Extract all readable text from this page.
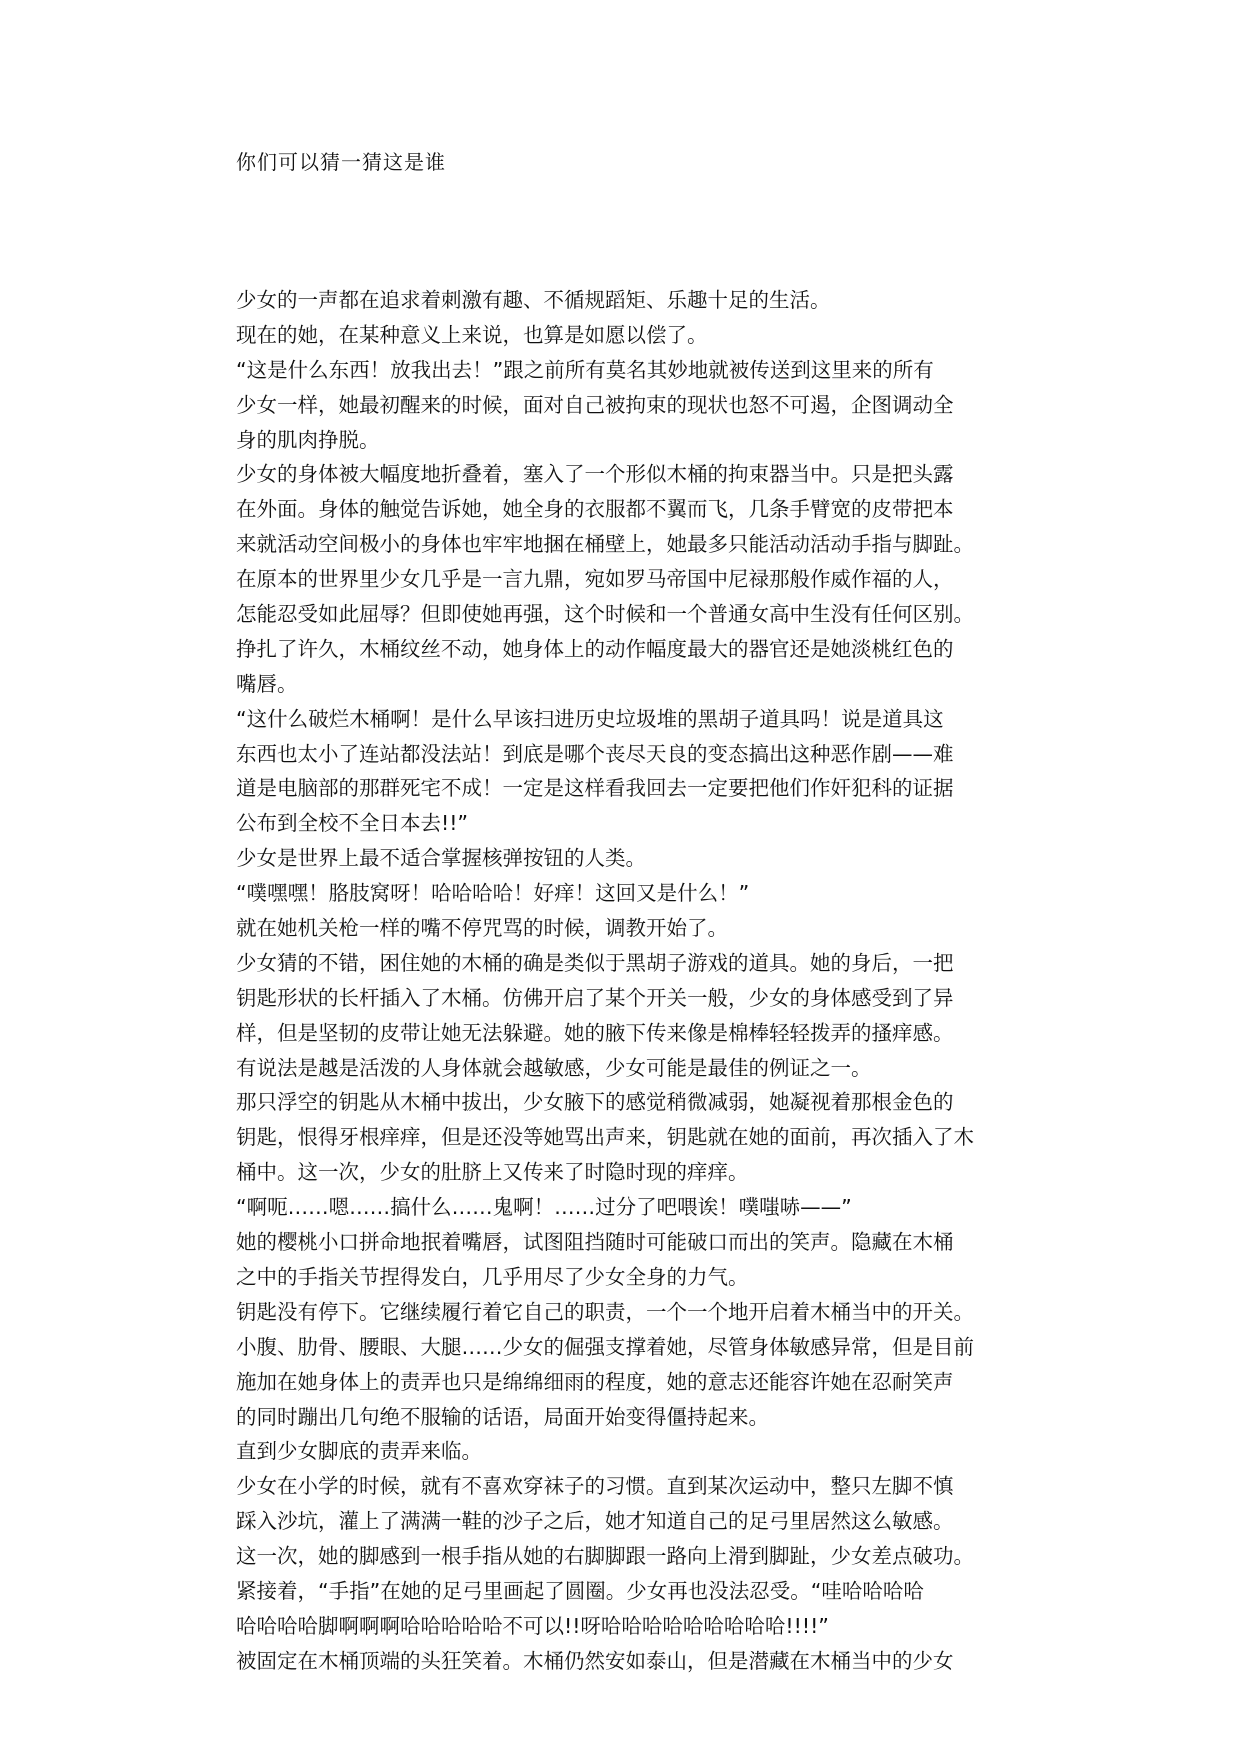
你们可以猜一猜这是谁
少女的一声都在追求着刺激有趣、不循规蹈矩、乐趣十足的生活。
现在的她，在某种意义上来说，也算是如愿以偿了。
“这是什么东西！放我出去！”跟之前所有莫名其妙地就被传送到这里来的所有
少女一样，她最初醒来的时候，面对自己被拘束的现状也怒不可遏，企图调动全
身的肌肉挣脱。
少女的身体被大幅度地折叠着，塞入了一个形似木桶的拘束器当中。只是把头露
在外面。身体的触觉告诉她，她全身的衣服都不翼而飞，几条手臂宽的皮带把本
来就活动空间极小的身体也牢牢地捆在桶壁上，她最多只能活动活动手指与脚趾。
在原本的世界里少女几乎是一言九鼎，宛如罗马帝国中尼禄那般作威作福的人，
怎能忍受如此屈辱？但即使她再强，这个时候和一个普通女高中生没有任何区别。
挣扎了许久，木桶纹丝不动，她身体上的动作幅度最大的器官还是她淡桃红色的
嘴唇。
“这什么破烂木桶啊！是什么早该扫进历史垃圾堆的黑胡子道具吗！说是道具这
东西也太小了连站都没法站！到底是哪个丧尽天良的变态搞出这种恶作剧——难
道是电脑部的那群死宅不成！一定是这样看我回去一定要把他们作奸犯科的证据
公布到全校不全日本去!!”
少女是世界上最不适合掌握核弹按钮的人类。
“噗嘿嘿！胳肢窝呀！哈哈哈哈！好痒！这回又是什么！”
就在她机关枪一样的嘴不停咒骂的时候，调教开始了。
少女猜的不错，困住她的木桶的确是类似于黑胡子游戏的道具。她的身后，一把
钥匙形状的长杆插入了木桶。仿佛开启了某个开关一般，少女的身体感受到了异
样，但是坚韧的皮带让她无法躲避。她的腋下传来像是棉棒轻轻拨弄的搔痒感。
有说法是越是活泼的人身体就会越敏感，少女可能是最佳的例证之一。
那只浮空的钥匙从木桶中拔出，少女腋下的感觉稍微减弱，她凝视着那根金色的
钥匙，恨得牙根痒痒，但是还没等她骂出声来，钥匙就在她的面前，再次插入了木
桶中。这一次，少女的肚脐上又传来了时隐时现的痒痒。
“啊呃……嗯……搞什么……鬼啊！……过分了吧喂诶！噗嗤哧——”
她的樱桃小口拼命地抿着嘴唇，试图阻挡随时可能破口而出的笑声。隐藏在木桶
之中的手指关节捏得发白，几乎用尽了少女全身的力气。
钥匙没有停下。它继续履行着它自己的职责，一个一个地开启着木桶当中的开关。
小腹、肋骨、腰眼、大腿……少女的倔强支撑着她，尽管身体敏感异常，但是目前
施加在她身体上的责弄也只是绵绵细雨的程度，她的意志还能容许她在忍耐笑声
的同时蹦出几句绝不服输的话语，局面开始变得僵持起来。
直到少女脚底的责弄来临。
少女在小学的时候，就有不喜欢穿袜子的习惯。直到某次运动中，整只左脚不慎
踩入沙坑，灌上了满满一鞋的沙子之后，她才知道自己的足弓里居然这么敏感。
这一次，她的脚感到一根手指从她的右脚脚跟一路向上滑到脚趾，少女差点破功。
紧接着，“手指”在她的足弓里画起了圆圈。少女再也没法忍受。“哇哈哈哈哈
哈哈哈哈脚啊啊啊哈哈哈哈哈不可以!!呀哈哈哈哈哈哈哈哈哈!!!!”
被固定在木桶顶端的头狂笑着。木桶仍然安如泰山，但是潜藏在木桶当中的少女
